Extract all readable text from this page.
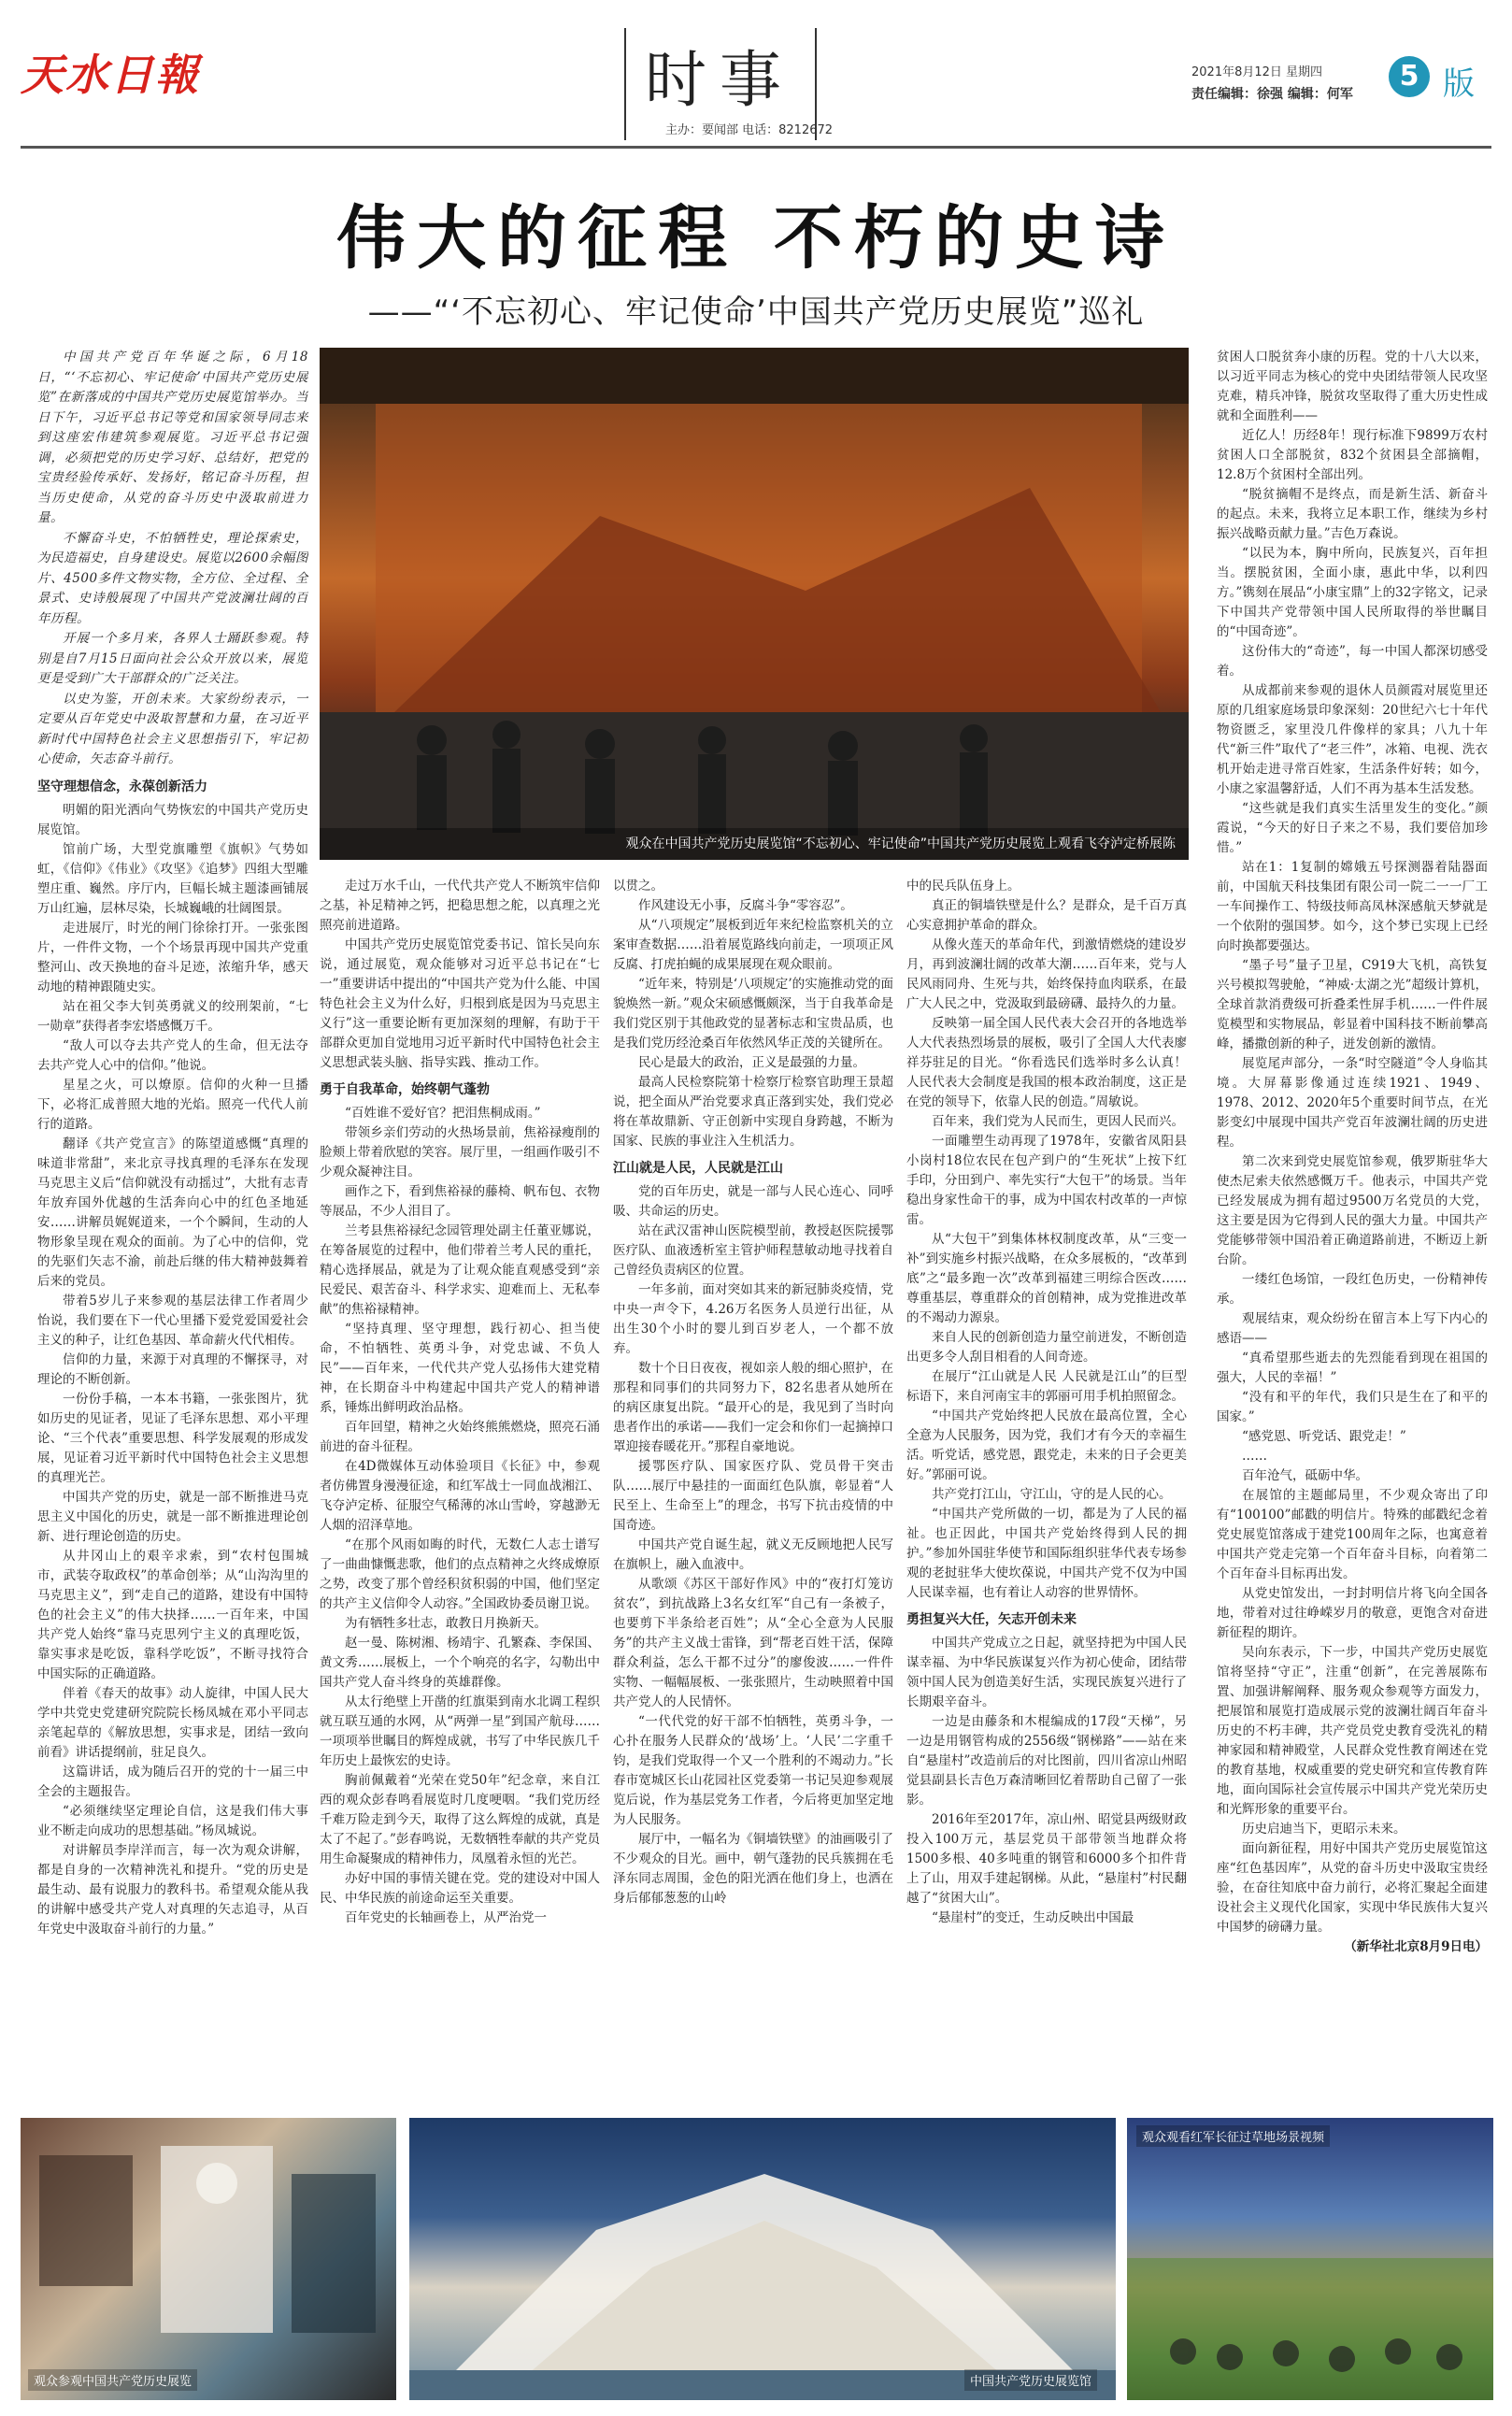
天水日報	时事
主办：要闻部 电话：8212672
2021年8月12日 星期四
责任编辑：徐强 编辑：何军
5 版
伟大的征程 不朽的史诗
——“‘不忘初心、牢记使命’中国共产党历史展览”巡礼
观众在中国共产党历史展览馆“不忘初心、牢记使命”中国共产党历史展览上观看飞夺泸定桥展陈

中国共产党百年华诞之际，6月18日，“‘不忘初心、牢记使命’中国共产党历史展览”在新落成的中国共产党历史展览馆举办。当日下午，习近平总书记等党和国家领导同志来到这座宏伟建筑参观展览。习近平总书记强调，必须把党的历史学习好、总结好，把党的宝贵经验传承好、发扬好，铭记奋斗历程，担当历史使命，从党的奋斗历史中汲取前进力量。

不懈奋斗史，不怕牺牲史，理论探索史，为民造福史，自身建设史。展览以2600余幅图片、4500多件文物实物，全方位、全过程、全景式、史诗般展现了中国共产党波澜壮阔的百年历程。

开展一个多月来，各界人士踊跃参观。特别是自7月15日面向社会公众开放以来，展览更是受到广大干部群众的广泛关注。

以史为鉴，开创未来。大家纷纷表示，一定要从百年党史中汲取智慧和力量，在习近平新时代中国特色社会主义思想指引下，牢记初心使命，矢志奋斗前行。

坚守理想信念，永葆创新活力

明媚的阳光洒向气势恢宏的中国共产党历史展览馆。

馆前广场，大型党旗雕塑《旗帜》气势如虹，《信仰》《伟业》《攻坚》《追梦》四组大型雕塑庄重、巍然。序厅内，巨幅长城主题漆画铺展万山红遍，层林尽染，长城巍峨的壮阔图景。

走进展厅，时光的闸门徐徐打开。一张张图片，一件件文物，一个个场景再现中国共产党重整河山、改天换地的奋斗足迹，浓缩升华，感天动地的精神跟随史实。

站在祖父李大钊英勇就义的绞刑架前，“七一勋章”获得者李宏塔感慨万千。

“敌人可以夺去共产党人的生命，但无法夺去共产党人心中的信仰。”他说。

星星之火，可以燎原。信仰的火种一旦播下，必将汇成普照大地的光焰。照亮一代代人前行的道路。

翻译《共产党宣言》的陈望道感慨“真理的味道非常甜”，来北京寻找真理的毛泽东在发现马克思主义后“信仰就没有动摇过”，大批有志青年放弃国外优越的生活奔向心中的红色圣地延安……讲解员娓娓道来，一个个瞬间，生动的人物形象呈现在观众的面前。为了心中的信仰，党的先驱们矢志不渝，前赴后继的伟大精神鼓舞着后来的党员。

带着5岁儿子来参观的基层法律工作者周少怡说，我们要在下一代心里播下爱党爱国爱社会主义的种子，让红色基因、革命薪火代代相传。

信仰的力量，来源于对真理的不懈探寻，对理论的不断创新。

一份份手稿，一本本书籍，一张张图片，犹如历史的见证者，见证了毛泽东思想、邓小平理论、“三个代表”重要思想、科学发展观的形成发展，见证着习近平新时代中国特色社会主义思想的真理光芒。

中国共产党的历史，就是一部不断推进马克思主义中国化的历史，就是一部不断推进理论创新、进行理论创造的历史。

从井冈山上的艰辛求索，到“农村包围城市，武装夺取政权”的革命创举；从“山沟沟里的马克思主义”，到“走自己的道路，建设有中国特色的社会主义”的伟大抉择……一百年来，中国共产党人始终“靠马克思列宁主义的真理吃饭，靠实事求是吃饭，靠科学吃饭”，不断寻找符合中国实际的正确道路。

伴着《春天的故事》动人旋律，中国人民大学中共党史党建研究院院长杨凤城在邓小平同志亲笔起草的《解放思想，实事求是，团结一致向前看》讲话提纲前，驻足良久。

这篇讲话，成为随后召开的党的十一届三中全会的主题报告。

“必须继续坚定理论自信，这是我们伟大事业不断走向成功的思想基础。”杨凤城说。

对讲解员李岸洋而言，每一次为观众讲解，都是自身的一次精神洗礼和提升。“党的历史是最生动、最有说服力的教科书。希望观众能从我的讲解中感受共产党人对真理的矢志追寻，从百年党史中汲取奋斗前行的力量。”

走过万水千山，一代代共产党人不断筑牢信仰之基，补足精神之钙，把稳思想之舵，以真理之光照亮前进道路。

中国共产党历史展览馆党委书记、馆长吴向东说，通过展览，观众能够对习近平总书记在“七一”重要讲话中提出的“中国共产党为什么能、中国特色社会主义为什么好，归根到底是因为马克思主义行”这一重要论断有更加深刻的理解，有助于干部群众更加自觉地用习近平新时代中国特色社会主义思想武装头脑、指导实践、推动工作。

勇于自我革命，始终朝气蓬勃

“百姓谁不爱好官？把泪焦桐成雨。”

带领乡亲们劳动的火热场景前，焦裕禄瘦削的脸颊上带着欣慰的笑容。展厅里，一组画作吸引不少观众凝神注目。

画作之下，看到焦裕禄的藤椅、帆布包、衣物等展品，不少人泪目了。

兰考县焦裕禄纪念园管理处副主任董亚娜说，在筹备展览的过程中，他们带着兰考人民的重托，精心选择展品，就是为了让观众能直观感受到“亲民爱民、艰苦奋斗、科学求实、迎难而上、无私奉献”的焦裕禄精神。

“坚持真理、坚守理想，践行初心、担当使命，不怕牺牲、英勇斗争，对党忠诚、不负人民”——百年来，一代代共产党人弘扬伟大建党精神，在长期奋斗中构建起中国共产党人的精神谱系，锤炼出鲜明政治品格。

百年回望，精神之火始终熊熊燃烧，照亮石涌前进的奋斗征程。

在4D微媒体互动体验项目《长征》中，参观者仿佛置身漫漫征途，和红军战士一同血战湘江、飞夺泸定桥、征服空气稀薄的冰山雪岭，穿越渺无人烟的沼泽草地。

“在那个风雨如晦的时代，无数仁人志士谱写了一曲曲慷慨悲歌，他们的点点精神之火终成燎原之势，改变了那个曾经积贫积弱的中国，他们坚定的共产主义信仰令人动容。”全国政协委员谢卫说。

为有牺牲多壮志，敢教日月换新天。

赵一曼、陈树湘、杨靖宇、孔繁森、李保国、黄文秀……展板上，一个个响亮的名字，勾勒出中国共产党人奋斗终身的英雄群像。

从太行绝壁上开凿的红旗渠到南水北调工程织就互联互通的水网，从“两弹一星”到国产航母……一项项举世瞩目的辉煌成就，书写了中华民族几千年历史上最恢宏的史诗。

胸前佩戴着“光荣在党50年”纪念章，来自江西的观众彭春鸣看展览时几度哽咽。“我们党历经千难万险走到今天，取得了这么辉煌的成就，真是太了不起了。”彭春鸣说，无数牺牲奉献的共产党员用生命凝聚成的精神伟力，凤凰着永恒的光芒。

办好中国的事情关键在党。党的建设对中国人民、中华民族的前途命运至关重要。

百年党史的长轴画卷上，从严治党一

以贯之。

作风建设无小事，反腐斗争“零容忍”。

从“八项规定”展板到近年来纪检监察机关的立案审查数据……沿着展览路线向前走，一项项正风反腐、打虎拍蝇的成果展现在观众眼前。

“近年来，特别是‘八项规定’的实施推动党的面貌焕然一新。”观众宋硕感慨颇深，当于自我革命是我们党区别于其他政党的显著标志和宝贵品质，也是我们党历经沧桑百年依然风华正茂的关键所在。

民心是最大的政治，正义是最强的力量。

最高人民检察院第十检察厅检察官助理王景超说，把全面从严治党要求真正落到实处，我们党必将在革故鼎新、守正创新中实现自身跨越，不断为国家、民族的事业注入生机活力。

江山就是人民，人民就是江山

党的百年历史，就是一部与人民心连心、同呼吸、共命运的历史。

站在武汉雷神山医院模型前，教授赵医院援鄂医疗队、血液透析室主管护师程慧敏动地寻找着自己曾经负责病区的位置。

一年多前，面对突如其来的新冠肺炎疫情，党中央一声令下，4.26万名医务人员逆行出征，从出生30个小时的婴儿到百岁老人，一个都不放弃。

数十个日日夜夜，视如亲人般的细心照护，在那程和同事们的共同努力下，82名患者从她所在的病区康复出院。“最开心的是，我见到了当时向患者作出的承诺——我们一定会和你们一起摘掉口罩迎接春暖花开。”那程自豪地说。

援鄂医疗队、国家医疗队、党员骨干突击队……展厅中悬挂的一面面红色队旗，彰显着“人民至上、生命至上”的理念，书写下抗击疫情的中国奇迹。

中国共产党自诞生起，就义无反顾地把人民写在旗帜上，融入血液中。

从歌颂《苏区干部好作风》中的“夜打灯笼访贫农”，到抗战路上3名女红军“自己有一条被子，也要剪下半条给老百姓”；从“全心全意为人民服务”的共产主义战士雷锋，到“帮老百姓干活，保障群众利益，怎么干都不过分”的廖俊波……一件件实物、一幅幅展板、一张张照片，生动映照着中国共产党人的人民情怀。

“一代代党的好干部不怕牺牲，英勇斗争，一心扑在服务人民群众的‘战场’上。‘人民’二字重千钧，是我们党取得一个又一个胜利的不竭动力。”长春市宽城区长山花园社区党委第一书记吴迎参观展览后说，作为基层党务工作者，今后将更加坚定地为人民服务。

展厅中，一幅名为《铜墙铁壁》的油画吸引了不少观众的目光。画中，朝气蓬勃的民兵簇拥在毛泽东同志周围，金色的阳光洒在他们身上，也洒在身后郁郁葱葱的山岭

中的民兵队伍身上。

真正的铜墙铁壁是什么？是群众，是千百万真心实意拥护革命的群众。

从像火莲天的革命年代，到激情燃烧的建设岁月，再到波澜壮阔的改革大潮……百年来，党与人民风雨同舟、生死与共，始终保持血肉联系，在最广大人民之中，党汲取到最磅礴、最持久的力量。

反映第一届全国人民代表大会召开的各地选举人大代表热烈场景的展板，吸引了全国人大代表廖祥芬驻足的目光。“你看选民们选举时多么认真！人民代表大会制度是我国的根本政治制度，这正是在党的领导下，依靠人民的创造。”周敏说。

百年来，我们党为人民而生，更因人民而兴。

一面雕塑生动再现了1978年，安徽省凤阳县小岗村18位农民在包产到户的“生死状”上按下红手印，分田到户、率先实行“大包干”的场景。当年稳出身家性命干的事，成为中国农村改革的一声惊雷。

从“大包干”到集体林权制度改革，从“三变一补”到实施乡村振兴战略，在众多展板的，“改革到底”之“最多跑一次”改革到福建三明综合医改……尊重基层，尊重群众的首创精神，成为党推进改革的不竭动力源泉。

来自人民的创新创造力量空前迸发，不断创造出更多令人刮目相看的人间奇迹。

在展厅“江山就是人民 人民就是江山”的巨型标语下，来自河南宝丰的郭丽可用手机拍照留念。

“中国共产党始终把人民放在最高位置，全心全意为人民服务，因为党，我们才有今天的幸福生活。听党话，感党恩，跟党走，未来的日子会更美好。”郭丽可说。

共产党打江山，守江山，守的是人民的心。

“中国共产党所做的一切，都是为了人民的福祉。也正因此，中国共产党始终得到人民的拥护。”参加外国驻华使节和国际组织驻华代表专场参观的老挝驻华大使坎葆说，中国共产党不仅为中国人民谋幸福，也有着让人动容的世界情怀。

勇担复兴大任，矢志开创未来

中国共产党成立之日起，就坚持把为中国人民谋幸福、为中华民族谋复兴作为初心使命，团结带领中国人民为创造美好生活，实现民族复兴进行了长期艰辛奋斗。

一边是由藤条和木棍编成的17段“天梯”，另一边是用钢管构成的2556级“钢梯路”——站在来自“悬崖村”改造前后的对比图前，四川省凉山州昭觉县副县长吉色万森清晰回忆着帮助自己留了一张影。

2016年至2017年，凉山州、昭觉县两级财政投入100万元，基层党员干部带领当地群众将1500多根、40多吨重的钢管和6000多个扣件背上了山，用双手建起钢梯。从此，“悬崖村”村民翻越了“贫困大山”。

“悬崖村”的变迁，生动反映出中国最

贫困人口脱贫奔小康的历程。党的十八大以来，以习近平同志为核心的党中央团结带领人民攻坚克难，精兵冲锋，脱贫攻坚取得了重大历史性成就和全面胜利——

近亿人！历经8年！现行标准下9899万农村贫困人口全部脱贫，832个贫困县全部摘帽，12.8万个贫困村全部出列。

“脱贫摘帽不是终点，而是新生活、新奋斗的起点。未来，我将立足本职工作，继续为乡村振兴战略贡献力量。”吉色万森说。

“以民为本，胸中所向，民族复兴，百年担当。摆脱贫困，全面小康，惠此中华，以利四方。”镌刻在展品“小康宝鼎”上的32字铭文，记录下中国共产党带领中国人民所取得的举世瞩目的“中国奇迹”。

这份伟大的“奇迹”，每一中国人都深切感受着。

从成都前来参观的退休人员颜霞对展览里还原的几组家庭场景印象深刻：20世纪六七十年代物资匮乏，家里没几件像样的家具；八九十年代“新三件”取代了“老三件”，冰箱、电视、洗衣机开始走进寻常百姓家，生活条件好转；如今，小康之家温馨舒适，人们不再为基本生活发愁。

“这些就是我们真实生活里发生的变化。”颜霞说，“今天的好日子来之不易，我们要倍加珍惜。”

站在1：1复制的嫦娥五号探测器着陆器面前，中国航天科技集团有限公司一院二一一厂工一车间操作工、特级技师高凤林深感航天梦就是一个依附的强国梦。如今，这个梦已实现上已经向时换都要强达。

“墨子号”量子卫星，C919大飞机，高铁复兴号模拟驾驶舱，“神威·太湖之光”超级计算机，全球首款消费级可折叠柔性屏手机……一件件展览模型和实物展品，彰显着中国科技不断前攀高峰，播撒创新的种子，迸发创新的激情。

展览尾声部分，一条“时空隧道”令人身临其境。大屏幕影像通过连续1921、1949、1978、2012、2020年5个重要时间节点，在光影变幻中展现中国共产党百年波澜壮阔的历史进程。

第二次来到党史展览馆参观，俄罗斯驻华大使杰尼索夫依然感慨万千。他表示，中国共产党已经发展成为拥有超过9500万名党员的大党，这主要是因为它得到人民的强大力量。中国共产党能够带领中国沿着正确道路前进，不断迈上新台阶。

一缕红色场馆，一段红色历史，一份精神传承。

观展结束，观众纷纷在留言本上写下内心的感语——

“真希望那些逝去的先烈能看到现在祖国的强大，人民的幸福！”

“没有和平的年代，我们只是生在了和平的国家。”

“感党恩、听党话、跟党走！”

……

百年沧气，砥砺中华。

在展馆的主题邮局里，不少观众寄出了印有“100100”邮戳的明信片。特殊的邮戳纪念着党史展览馆落成于建党100周年之际，也寓意着中国共产党走完第一个百年奋斗目标，向着第二个百年奋斗目标再出发。

从党史馆发出，一封封明信片将飞向全国各地，带着对过往峥嵘岁月的敬意，更饱含对奋进新征程的期许。

吴向东表示，下一步，中国共产党历史展览馆将坚持“守正”，注重“创新”，在完善展陈布置、加强讲解阐释、服务观众参观等方面发力，把展馆和展览打造成展示党的波澜壮阔百年奋斗历史的不朽丰碑，共产党员党史教育受洗礼的精神家园和精神殿堂，人民群众党性教育阐述在党的教育基地，权威重要的党史研究和宣传教育阵地，面向国际社会宣传展示中国共产党光荣历史和光辉形象的重要平台。

历史启迪当下，更昭示未来。

面向新征程，用好中国共产党历史展览馆这座“红色基因库”，从党的奋斗历史中汲取宝贵经验，在奋往知底中奋力前行，必将汇聚起全面建设社会主义现代化国家，实现中华民族伟大复兴中国梦的磅礴力量。

（新华社北京8月9日电）

观众参观中国共产党历史展览	中国共产党历史展览馆
观众观看红军长征过草地场景视频
